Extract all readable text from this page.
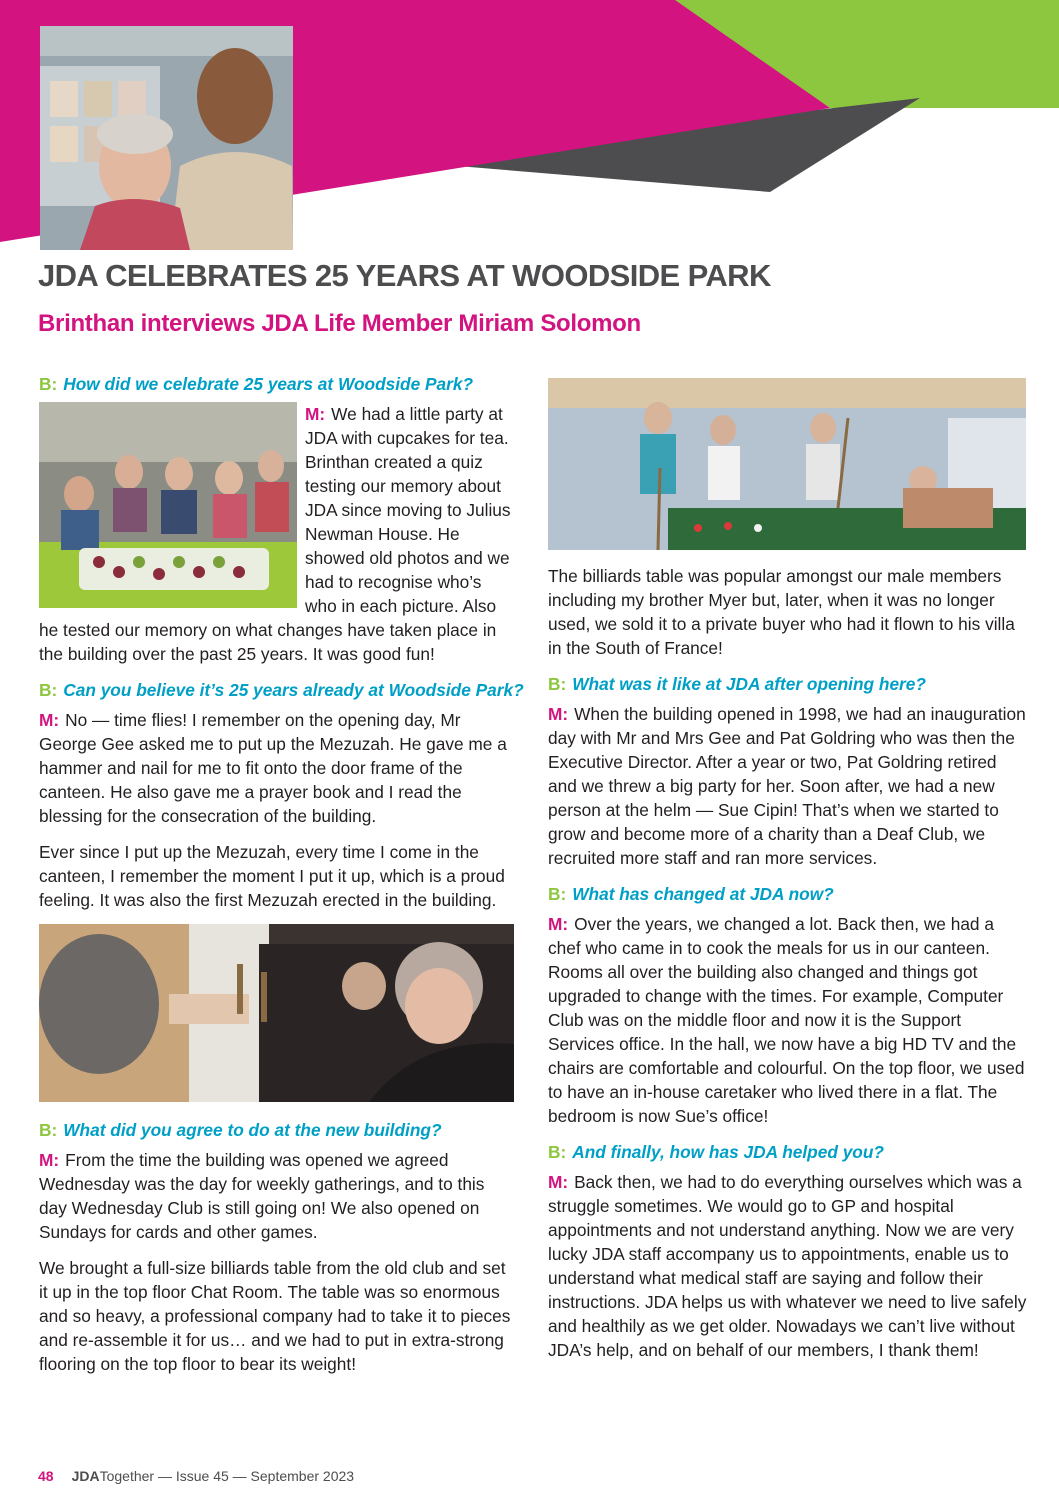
JDA CELEBRATES 25 YEARS AT WOODSIDE PARK
Brinthan interviews JDA Life Member Miriam Solomon
B: How did we celebrate 25 years at Woodside Park?

M: We had a little party at JDA with cupcakes for tea. Brinthan created a quiz testing our memory about JDA since moving to Julius Newman House. He showed old photos and we had to recognise who’s who in each picture. Also he tested our memory on what changes have taken place in the building over the past 25 years. It was good fun!

B: Can you believe it’s 25 years already at Woodside Park?

M: No — time flies! I remember on the opening day, Mr George Gee asked me to put up the Mezuzah. He gave me a hammer and nail for me to fit onto the door frame of the canteen. He also gave me a prayer book and I read the blessing for the consecration of the building.

Ever since I put up the Mezuzah, every time I come in the canteen, I remember the moment I put it up, which is a proud feeling. It was also the first Mezuzah erected in the building.

B: What did you agree to do at the new building?

M: From the time the building was opened we agreed Wednesday was the day for weekly gatherings, and to this day Wednesday Club is still going on! We also opened on Sundays for cards and other games.

We brought a full-size billiards table from the old club and set it up in the top floor Chat Room. The table was so enormous and so heavy, a professional company had to take it to pieces and re-assemble it for us… and we had to put in extra-strong flooring on the top floor to bear its weight!

The billiards table was popular amongst our male members including my brother Myer but, later, when it was no longer used, we sold it to a private buyer who had it flown to his villa in the South of France!

B: What was it like at JDA after opening here?

M: When the building opened in 1998, we had an inauguration day with Mr and Mrs Gee and Pat Goldring who was then the Executive Director. After a year or two, Pat Goldring retired and we threw a big party for her. Soon after, we had a new person at the helm — Sue Cipin! That’s when we started to grow and become more of a charity than a Deaf Club, we recruited more staff and ran more services.

B: What has changed at JDA now?

M: Over the years, we changed a lot. Back then, we had a chef who came in to cook the meals for us in our canteen. Rooms all over the building also changed and things got upgraded to change with the times. For example, Computer Club was on the middle floor and now it is the Support Services office. In the hall, we now have a big HD TV and the chairs are comfortable and colourful. On the top floor, we used to have an in-house caretaker who lived there in a flat. The bedroom is now Sue’s office!

B: And finally, how has JDA helped you?

M: Back then, we had to do everything ourselves which was a struggle sometimes. We would go to GP and hospital appointments and not understand anything. Now we are very lucky JDA staff accompany us to appointments, enable us to understand what medical staff are saying and follow their instructions. JDA helps us with whatever we need to live safely and healthily as we get older. Nowadays we can’t live without JDA’s help, and on behalf of our members, I thank them!

48 JDATogether — Issue 45 — September 2023
